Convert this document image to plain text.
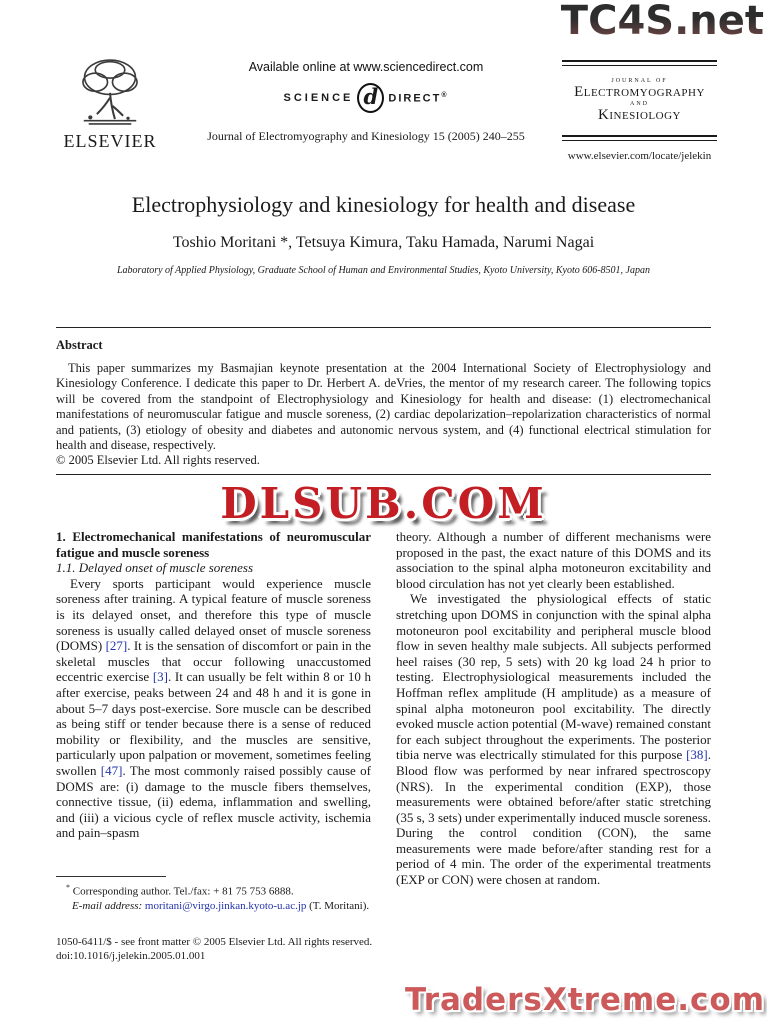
TC4S.net
DLSUB.COM
TradersXtreme.com
ELSEVIER
Available online at www.sciencedirect.com
SCIENCE d DIRECT®
Journal of Electromyography and Kinesiology 15 (2005) 240–255
JOURNAL OF
ELECTROMYOGRAPHY
AND
KINESIOLOGY
www.elsevier.com/locate/jelekin
Electrophysiology and kinesiology for health and disease
Toshio Moritani *, Tetsuya Kimura, Taku Hamada, Narumi Nagai
Laboratory of Applied Physiology, Graduate School of Human and Environmental Studies, Kyoto University, Kyoto 606-8501, Japan
Abstract
This paper summarizes my Basmajian keynote presentation at the 2004 International Society of Electrophysiology and Kinesiology Conference. I dedicate this paper to Dr. Herbert A. deVries, the mentor of my research career. The following topics will be covered from the standpoint of Electrophysiology and Kinesiology for health and disease: (1) electromechanical manifestations of neuromuscular fatigue and muscle soreness, (2) cardiac depolarization–repolarization characteristics of normal and patients, (3) etiology of obesity and diabetes and autonomic nervous system, and (4) functional electrical stimulation for health and disease, respectively.
© 2005 Elsevier Ltd. All rights reserved.

1. Electromechanical manifestations of neuromuscular fatigue and muscle soreness

1.1. Delayed onset of muscle soreness

Every sports participant would experience muscle soreness after training. A typical feature of muscle soreness is its delayed onset, and therefore this type of muscle soreness is usually called delayed onset of muscle soreness (DOMS) [27]. It is the sensation of discomfort or pain in the skeletal muscles that occur following unaccustomed eccentric exercise [3]. It can usually be felt within 8 or 10 h after exercise, peaks between 24 and 48 h and it is gone in about 5–7 days post-exercise. Sore muscle can be described as being stiff or tender because there is a sense of reduced mobility or flexibility, and the muscles are sensitive, particularly upon palpation or movement, sometimes feeling swollen [47]. The most commonly raised possibly cause of DOMS are: (i) damage to the muscle fibers themselves, connective tissue, (ii) edema, inflammation and swelling, and (iii) a vicious cycle of reflex muscle activity, ischemia and pain–spasm

theory. Although a number of different mechanisms were proposed in the past, the exact nature of this DOMS and its association to the spinal alpha motoneuron excitability and blood circulation has not yet clearly been established.

We investigated the physiological effects of static stretching upon DOMS in conjunction with the spinal alpha motoneuron pool excitability and peripheral muscle blood flow in seven healthy male subjects. All subjects performed heel raises (30 rep, 5 sets) with 20 kg load 24 h prior to testing. Electrophysiological measurements included the Hoffman reflex amplitude (H amplitude) as a measure of spinal alpha motoneuron pool excitability. The directly evoked muscle action potential (M-wave) remained constant for each subject throughout the experiments. The posterior tibia nerve was electrically stimulated for this purpose [38]. Blood flow was performed by near infrared spectroscopy (NRS). In the experimental condition (EXP), those measurements were obtained before/after static stretching (35 s, 3 sets) under experimentally induced muscle soreness. During the control condition (CON), the same measurements were made before/after standing rest for a period of 4 min. The order of the experimental treatments (EXP or CON) were chosen at random.

* Corresponding author. Tel./fax: + 81 75 753 6888.

E-mail address: moritani@virgo.jinkan.kyoto-u.ac.jp (T. Moritani).

1050-6411/$ - see front matter © 2005 Elsevier Ltd. All rights reserved.

doi:10.1016/j.jelekin.2005.01.001
